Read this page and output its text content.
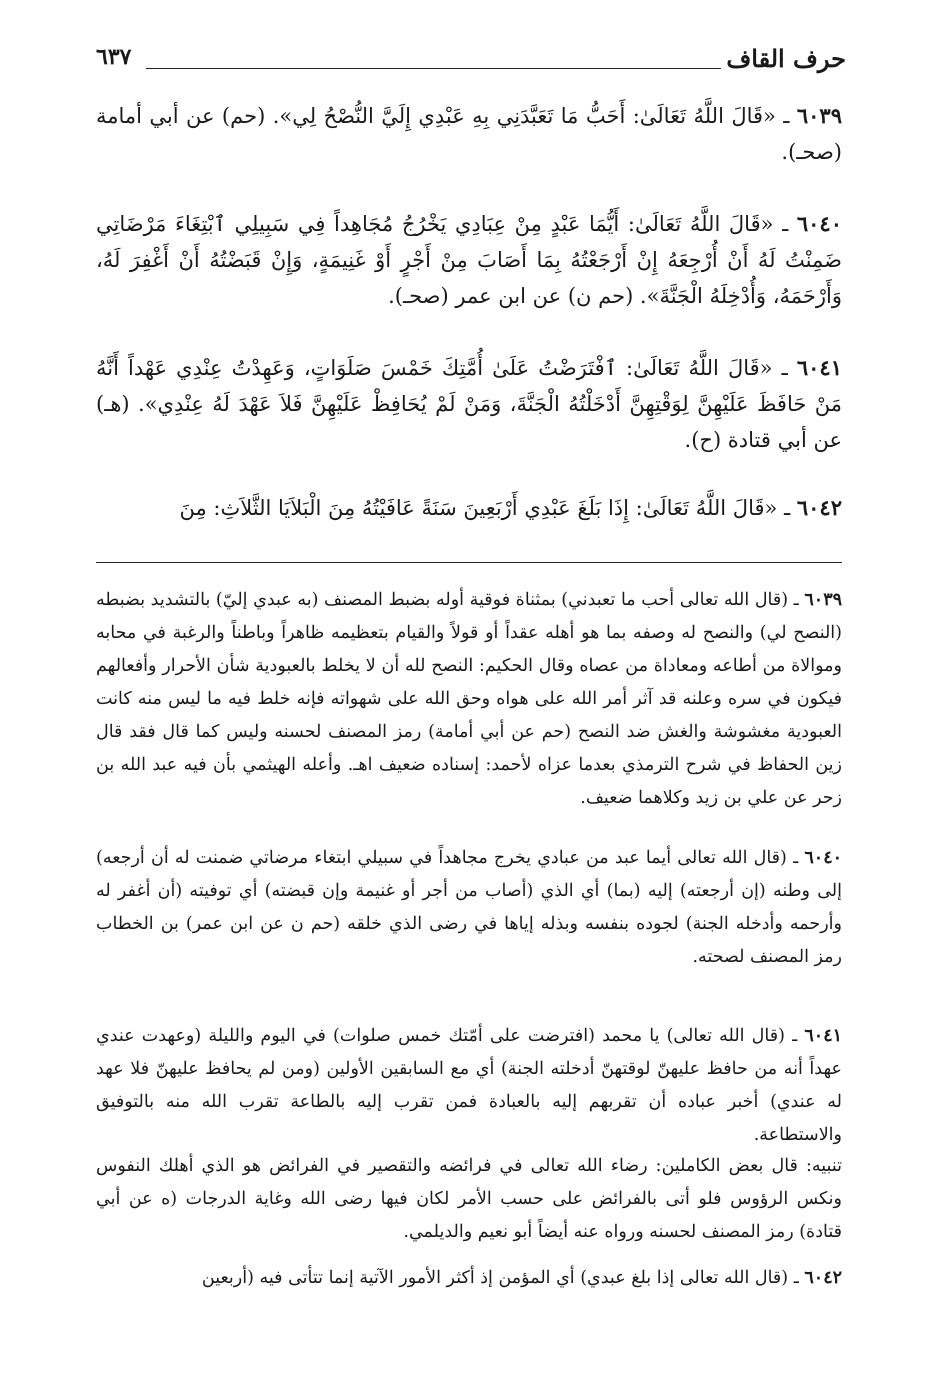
حرف القاف
٦٣٧

٦٠٣٩ ـ «قَالَ اللَّهُ تَعَالَىٰ: أَحَبُّ مَا تَعَبَّدَنِي بِهِ عَبْدِي إِلَيَّ النُّصْحُ لِي». (حم) عن أبي أمامة (صحـ).

٦٠٤٠ ـ «قَالَ اللَّهُ تَعَالَىٰ: أَيُّمَا عَبْدٍ مِنْ عِبَادِي يَخْرُجُ مُجَاهِداً فِي سَبِيلِي ٱبْتِغَاءَ مَرْضَاتِي ضَمِنْتُ لَهُ أَنْ أُرْجِعَهُ إِنْ أَرْجَعْتُهُ بِمَا أَصَابَ مِنْ أَجْرٍ أَوْ غَنِيمَةٍ، وَإِنْ قَبَضْتُهُ أَنْ أَغْفِرَ لَهُ، وَأَرْحَمَهُ، وَأُدْخِلَهُ الْجَنَّةَ». (حم ن) عن ابن عمر (صحـ).

٦٠٤١ ـ «قَالَ اللَّهُ تَعَالَىٰ: ٱفْتَرَضْتُ عَلَىٰ أُمَّتِكَ خَمْسَ صَلَوَاتٍ، وَعَهِدْتُ عِنْدِي عَهْداً أَنَّهُ مَنْ حَافَظَ عَلَيْهِنَّ لِوَقْتِهِنَّ أَدْخَلْتُهُ الْجَنَّةَ، وَمَنْ لَمْ يُحَافِظْ عَلَيْهِنَّ فَلاَ عَهْدَ لَهُ عِنْدِي». (هـ) عن أبي قتادة (ح).

٦٠٤٢ ـ «قَالَ اللَّهُ تَعَالَىٰ: إِذَا بَلَغَ عَبْدِي أَرْبَعِينَ سَنَةً عَافَيْتُهُ مِنَ الْبَلاَيَا الثَّلاَثِ: مِنَ

٦٠٣٩ ـ (قال الله تعالى أحب ما تعبدني) بمثناة فوقية أوله بضبط المصنف (به عبدي إليّ) بالتشديد بضبطه (النصح لي) والنصح له وصفه بما هو أهله عقداً أو قولاً والقيام بتعظيمه ظاهراً وباطناً والرغبة في محابه وموالاة من أطاعه ومعاداة من عصاه وقال الحكيم: النصح لله أن لا يخلط بالعبودية شأن الأحرار وأفعالهم فيكون في سره وعلنه قد آثر أمر الله على هواه وحق الله على شهواته فإنه خلط فيه ما ليس منه كانت العبودية مغشوشة والغش ضد النصح (حم عن أبي أمامة) رمز المصنف لحسنه وليس كما قال فقد قال زين الحفاظ في شرح الترمذي بعدما عزاه لأحمد: إسناده ضعيف اهـ. وأعله الهيثمي بأن فيه عبد الله بن زحر عن علي بن زيد وكلاهما ضعيف.

٦٠٤٠ ـ (قال الله تعالى أيما عبد من عبادي يخرج مجاهداً في سبيلي ابتغاء مرضاتي ضمنت له أن أرجعه) إلى وطنه (إن أرجعته) إليه (بما) أي الذي (أصاب من أجر أو غنيمة وإن قبضته) أي توفيته (أن أغفر له وأرحمه وأدخله الجنة) لجوده بنفسه وبذله إياها في رضى الذي خلقه (حم ن عن ابن عمر) بن الخطاب رمز المصنف لصحته.

٦٠٤١ ـ (قال الله تعالى) يا محمد (افترضت على أمّتك خمس صلوات) في اليوم والليلة (وعهدت عندي عهداً أنه من حافظ عليهنّ لوقتهنّ أدخلته الجنة) أي مع السابقين الأولين (ومن لم يحافظ عليهنّ فلا عهد له عندي) أخبر عباده أن تقربهم إليه بالعبادة فمن تقرب إليه بالطاعة تقرب الله منه بالتوفيق والاستطاعة.

تنبيه: قال بعض الكاملين: رضاء الله تعالى في فرائضه والتقصير في الفرائض هو الذي أهلك النفوس ونكس الرؤوس فلو أتى بالفرائض على حسب الأمر لكان فيها رضى الله وغاية الدرجات (ه عن أبي قتادة) رمز المصنف لحسنه ورواه عنه أيضاً أبو نعيم والديلمي.

٦٠٤٢ ـ (قال الله تعالى إذا بلغ عبدي) أي المؤمن إذ أكثر الأمور الآتية إنما تتأتى فيه (أربعين
